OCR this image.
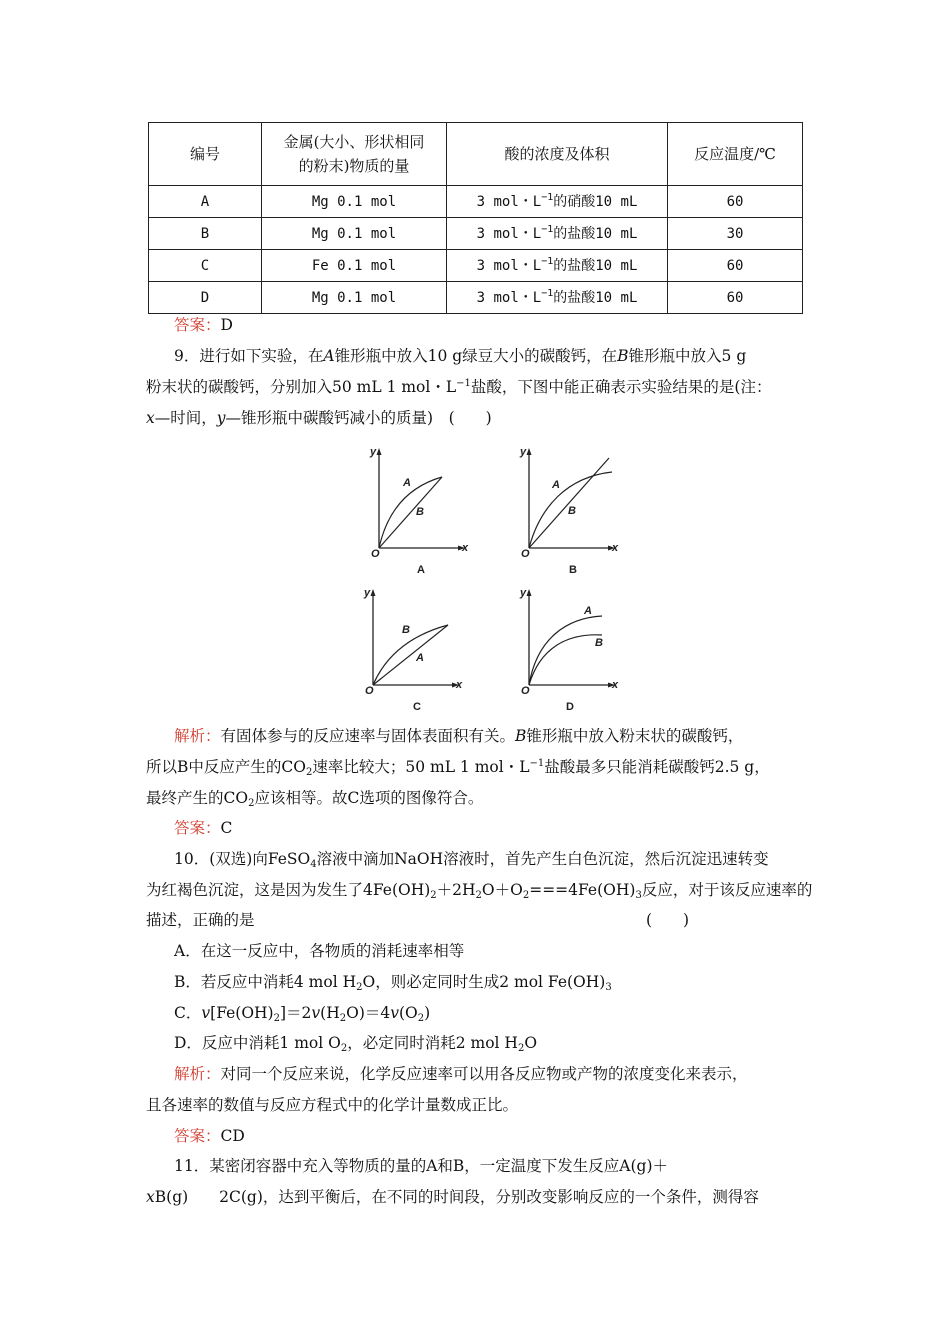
编号	金属(大小、形状相同
的粉末)物质的量	酸的浓度及体积	反应温度/℃
A	Mg 0.1 mol	3 mol・$L^{-1}$的硝酸10 mL	60
B	Mg 0.1 mol	3 mol・$L^{-1}$的盐酸10 mL	30
C	Fe 0.1 mol	3 mol・$L^{-1}$的盐酸10 mL	60
D	Mg 0.1 mol	3 mol・$L^{-1}$的盐酸10 mL	60
答案：D
9．进行如下实验，在A锥形瓶中放入10 g绿豆大小的碳酸钙，在B锥形瓶中放入5 g
粉末状的碳酸钙，分别加入50 mL 1 mol・$L^{-1}$盐酸，下图中能正确表示实验结果的是(注：
x—时间，y—锥形瓶中碳酸钙减小的质量)　(　　)
y
x
O
A
B
A
y
x
O
A
B
B
y
x
O
B
A
C
y
x
O
A
B
D
解析：有固体参与的反应速率与固体表面积有关。B锥形瓶中放入粉末状的碳酸钙，
所以B中反应产生的$CO_2$速率比较大；50 mL 1 mol・$L^{-1}$盐酸最多只能消耗碳酸钙2.5 g，
最终产生的$CO_2$应该相等。故C选项的图像符合。
答案：C
10．(双选)向FeSO$_4$溶液中滴加NaOH溶液时，首先产生白色沉淀，然后沉淀迅速转变
为红褐色沉淀，这是因为发生了$4Fe(OH)_2+2H_2O+O_2===4Fe(OH)_3$反应，对于该反应速率的
描述，正确的是	(　　)
A．在这一反应中，各物质的消耗速率相等
B．若反应中消耗4 mol $H_2O$，则必定同时生成2 mol $Fe(OH)_3$
C．$v[Fe(OH)_2]=2v(H_2O)=4v(O_2)$
D．反应中消耗1 mol $O_2$，必定同时消耗2 mol $H_2O$
解析：对同一个反应来说，化学反应速率可以用各反应物或产物的浓度变化来表示，
且各速率的数值与反应方程式中的化学计量数成正比。
答案：CD
11．某密闭容器中充入等物质的量的A和B，一定温度下发生反应A(g)＋
xB(g)　　2C(g)，达到平衡后，在不同的时间段，分别改变影响反应的一个条件，测得容
